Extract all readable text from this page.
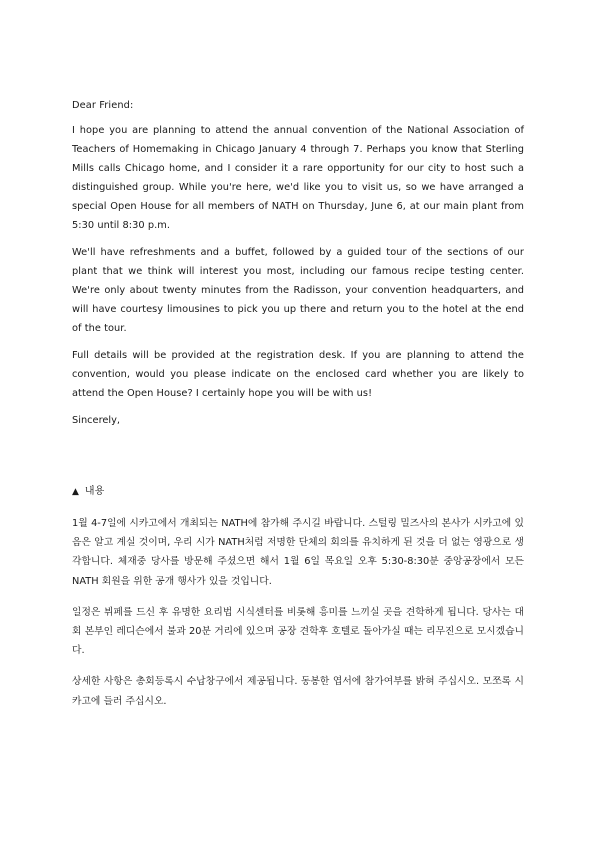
Dear Friend:

I hope you are planning to attend the annual convention of the National Association of Teachers of Homemaking in Chicago January 4 through 7. Perhaps you know that Sterling Mills calls Chicago home, and I consider it a rare opportunity for our city to host such a distinguished group. While you're here, we'd like you to visit us, so we have arranged a special Open House for all members of NATH on Thursday, June 6, at our main plant from 5:30 until 8:30 p.m.

We'll have refreshments and a buffet, followed by a guided tour of the sections of our plant that we think will interest you most, including our famous recipe testing center. We're only about twenty minutes from the Radisson, your convention headquarters, and will have courtesy limousines to pick you up there and return you to the hotel at the end of the tour.

Full details will be provided at the registration desk. If you are planning to attend the convention, would you please indicate on the enclosed card whether you are likely to attend the Open House? I certainly hope you will be with us!

Sincerely,

▲ 내용

1월 4-7일에 시카고에서 개최되는 NATH에 참가해 주시길 바랍니다. 스털링 밀즈사의 본사가 시카고에 있음은 알고 계실 것이며, 우리 시가 NATH처럼 저명한 단체의 회의를 유치하게 된 것을 더 없는 영광으로 생각합니다. 체재중 당사를 방문해 주셨으면 해서 1월 6일 목요일 오후 5:30-8:30분 중앙공장에서 모든 NATH 회원을 위한 공개 행사가 있을 것입니다.

일정은 뷔페를 드신 후 유명한 요리법 시식센터를 비롯해 흥미를 느끼실 곳을 견학하게 됩니다. 당사는 대회 본부인 레디슨에서 불과 20분 거리에 있으며 공장 견학후 호텔로 돌아가실 때는 리무진으로 모시겠습니다.

상세한 사항은 총회등록시 수납창구에서 제공됩니다. 동봉한 엽서에 참가여부를 밝혀 주십시오. 모쪼록 시카고에 들러 주십시오.
